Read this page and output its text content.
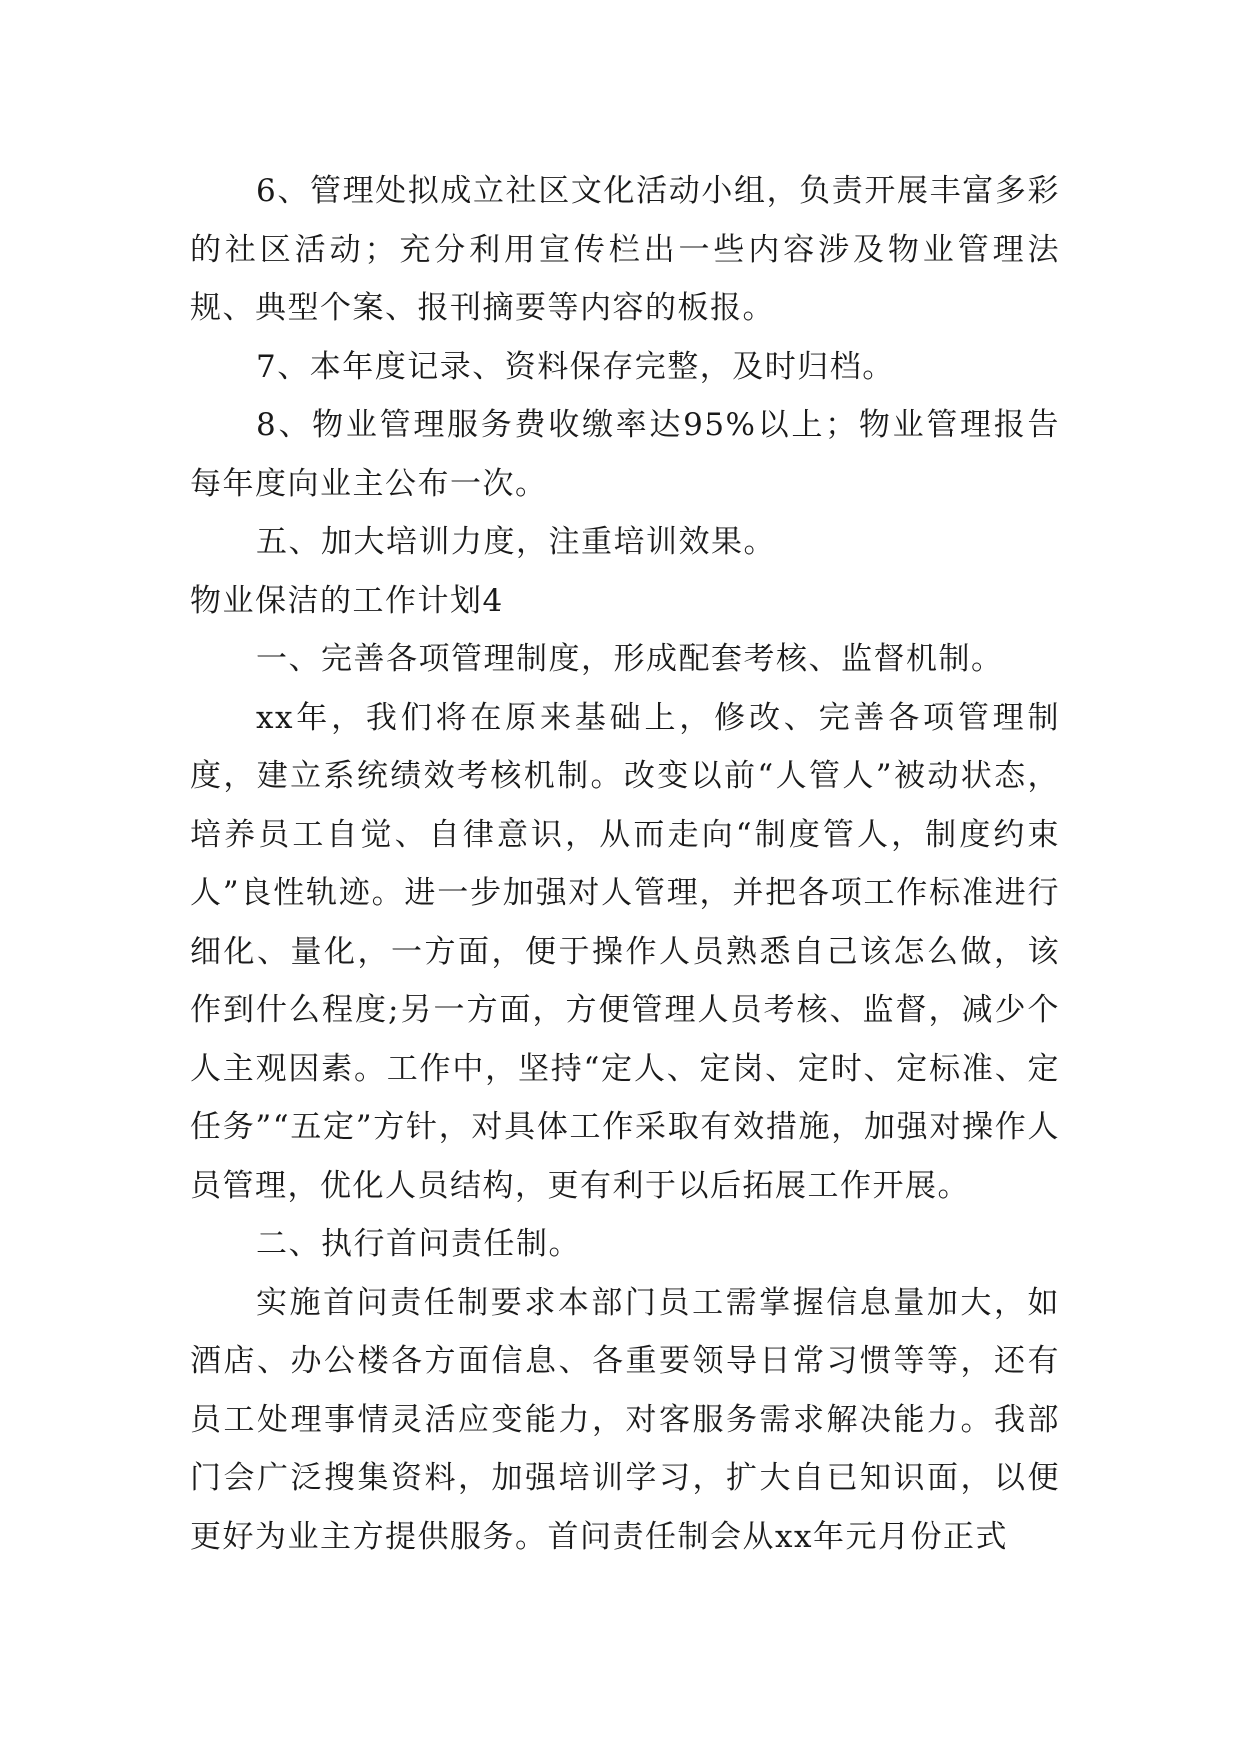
6、管理处拟成立社区文化活动小组，负责开展丰富多彩的社区活动；充分利用宣传栏出一些内容涉及物业管理法规、典型个案、报刊摘要等内容的板报。

7、本年度记录、资料保存完整，及时归档。

8、物业管理服务费收缴率达95%以上；物业管理报告每年度向业主公布一次。

五、加大培训力度，注重培训效果。

物业保洁的工作计划4

一、完善各项管理制度，形成配套考核、监督机制。

xx年，我们将在原来基础上，修改、完善各项管理制度，建立系统绩效考核机制。改变以前“人管人”被动状态，培养员工自觉、自律意识，从而走向“制度管人，制度约束人”良性轨迹。进一步加强对人管理，并把各项工作标准进行细化、量化，一方面，便于操作人员熟悉自己该怎么做，该作到什么程度;另一方面，方便管理人员考核、监督，减少个人主观因素。工作中，坚持“定人、定岗、定时、定标准、定任务”“五定”方针，对具体工作采取有效措施，加强对操作人员管理，优化人员结构，更有利于以后拓展工作开展。

二、执行首问责任制。

实施首问责任制要求本部门员工需掌握信息量加大，如酒店、办公楼各方面信息、各重要领导日常习惯等等，还有员工处理事情灵活应变能力，对客服务需求解决能力。我部门会广泛搜集资料，加强培训学习，扩大自已知识面，以便更好为业主方提供服务。首问责任制会从xx年元月份正式
